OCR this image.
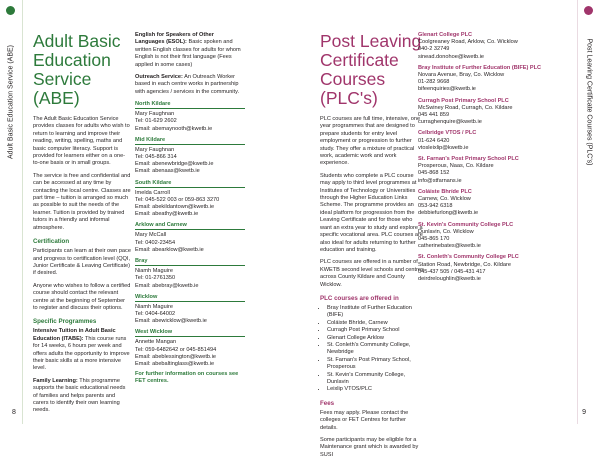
Adult Basic Education Service (ABE)
Adult Basic Education Service (ABE)

The Adult Basic Education Service provides classes for adults who wish to return to learning and improve their reading, writing, spelling, maths and basic computer literacy. Support is provided for learners either on a one-to-one basis or in small groups.

The service is free and confidential and can be accessed at any time by contacting the local centre. Classes are part time – tuition is arranged so much as possible to suit the needs of the learner. Tuition is provided by trained tutors in a friendly and informal atmosphere.

Certification

Participants can learn at their own pace and progress to certification level (QQI, Junior Certificate & Leaving Certificate) if desired.

Anyone who wishes to follow a certified course should contact the relevant centre at the beginning of September to register and discuss their options.

Specific Programmes

Intensive Tuition in Adult Basic Education (ITABE): This course runs for 14 weeks, 6 hours per week and offers adults the opportunity to improve their basic skills at a more intensive level.

Family Learning: This programme supports the basic educational needs of families and helps parents and carers to identify their own learning needs.

English for Speakers of Other Languages (ESOL): Basic spoken and written English classes for adults for whom English is not their first language (Fees applied in some cases)

Outreach Service: An Outreach Worker based in each centre works in partnership with agencies / services in the community.

North Kildare
Mary Faughnan
Tel: 01-629 2602
Email: abemaynooth@kwetb.ie
Mid Kildare
Mary Faughnan
Tel: 045-866 314
Email: abenewbridge@kwetb.ie
Email: abenaas@kwetb.ie
South Kildare
Imelda Carroll
Tel: 045-522 003 or 059-863 3270
Email: abekildantown@kwetb.ie
Email: abeathy@kwetb.ie
Arklow and Carnew
Mary McCall
Tel: 0402-23454
Email: abearklow@kwetb.ie
Bray
Niamh Maguire
Tel: 01-2761350
Email: abebray@kwetb.ie
Wicklow
Niamh Maguire
Tel: 0404-64002
Email: abewicklow@kwetb.ie
West Wicklow
Annette Mangan
Tel: 059-6482642 or 045-851494
Email: abeblessington@kwetb.ie
Email: abebaltinglass@kwetb.ie
For further information on courses see FET centres.
8
Post Leaving Certificate Courses (PLC's)

PLC courses are full time, intensive, one year programmes that are designed to prepare students for entry level employment or progression to further study. They offer a mixture of practical work, academic work and work experience.

Students who complete a PLC course may apply to third level programmes at Institutes of Technology or Universities through the Higher Education Links Scheme. The programme provides an ideal platform for progression from the Leaving Certificate and for those who want an extra year to study and explore a specific vocational area. PLC courses are also ideal for adults returning to further education and training.

PLC courses are offered in a number of KWETB second level schools and centres across County Kildare and County Wicklow.

PLC courses are offered in
• Bray Institute of Further Education (BIFE)
• Coláiste Bhríde, Carnew
• Curragh Post Primary School
• Glenart College Arklow
• St. Conleth's Community College, Newbridge
• St. Farnan's Post Primary School, Prosperous
• St. Kevin's Community College, Dunlavin
• Leixlip VTOS/PLC
Fees

Fees may apply. Please contact the colleges or FET Centres for further details.

Some participants may be eligible for a Maintenance grant which is awarded by SUSI

Glenart College PLC
Coolgreaney Road, Arklow, Co. Wicklow
040-2 32749
sinead.donohoe@kwetb.ie
Bray Institute of Further Education (BIFE) PLC
Novara Avenue, Bray, Co. Wicklow
01-282 9668
bifeenquiries@kwetb.ie
Curragh Post Primary School PLC
McSwiney Road, Curragh, Co. Kildare
045 441 859
curraghenquire@kwetb.ie
Celbridge VTOS / PLC
01-624 6420
vtosleixlip@kwetb.ie
St. Farnan's Post Primary School PLC
Prosperous, Naas, Co. Kildare
045-868 152
info@stfarnans.ie
Coláiste Bhríde PLC
Carnew, Co. Wicklow
053-942 6318
debbiefurlong@kwetb.ie
St. Kevin's Community College PLC
Dunlavin, Co. Wicklow
045-865 170
catherinebates@kwetb.ie
St. Conleth's Community College PLC
Station Road, Newbridge, Co. Kildare
045-437 505 / 045-431 417
deirdreloughlin@kwetb.ie
Post Leaving Certificate Courses (PLC's)
9
